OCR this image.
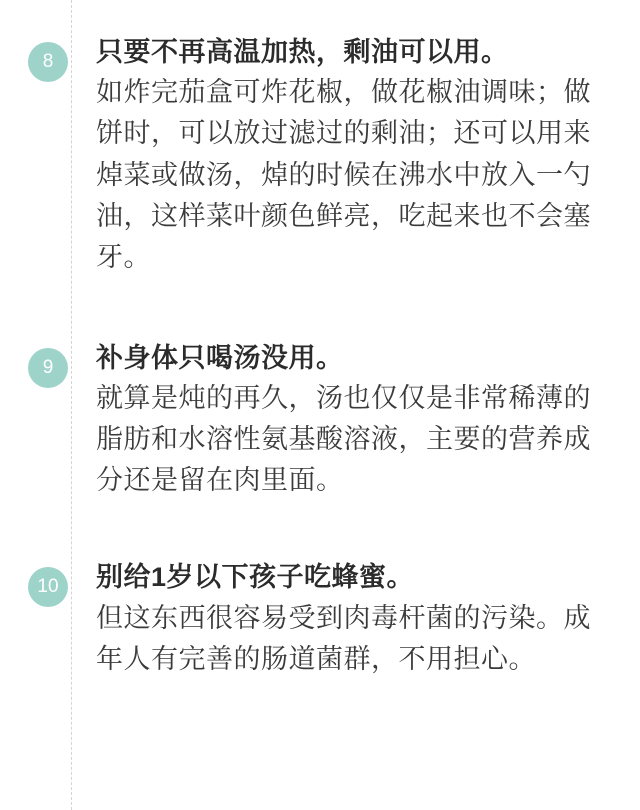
8	只要不再高温加热，剩油可以用。

如炸完茄盒可炸花椒，做花椒油调味；做饼时，可以放过滤过的剩油；还可以用来焯菜或做汤，焯的时候在沸水中放入一勺油，这样菜叶颜色鲜亮，吃起来也不会塞牙。

9	补身体只喝汤没用。

就算是炖的再久，汤也仅仅是非常稀薄的脂肪和水溶性氨基酸溶液，主要的营养成分还是留在肉里面。

10	别给1岁以下孩子吃蜂蜜。

但这东西很容易受到肉毒杆菌的污染。成年人有完善的肠道菌群，不用担心。
